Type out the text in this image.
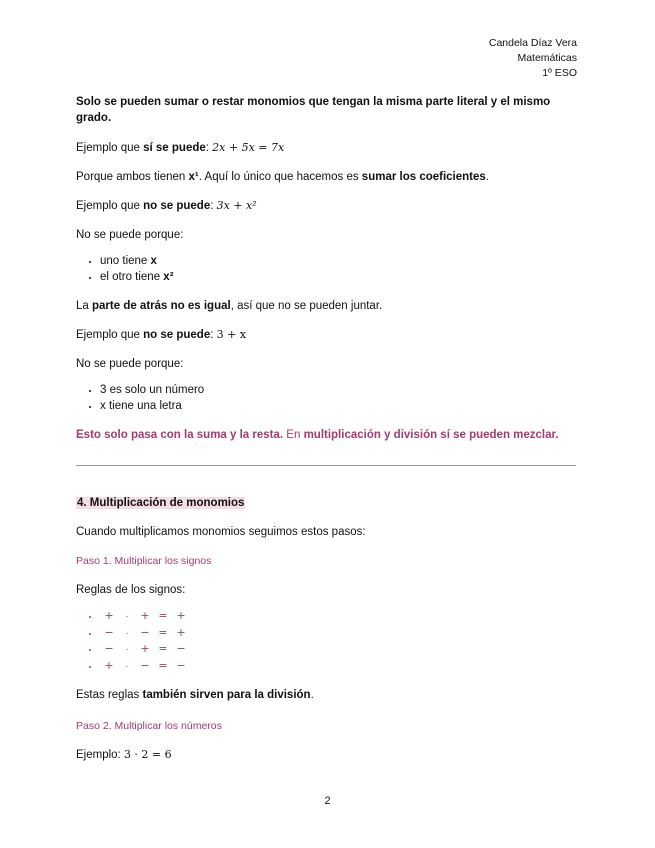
Candela Díaz Vera
Matemáticas
1º ESO

Solo se pueden sumar o restar monomios que tengan la misma parte literal y el mismo grado.

Ejemplo que sí se puede: 2x + 5x = 7x

Porque ambos tienen x¹. Aquí lo único que hacemos es sumar los coeficientes.

Ejemplo que no se puede: 3x + x²

No se puede porque:

• uno tiene x
• el otro tiene x²

La parte de atrás no es igual, así que no se pueden juntar.

Ejemplo que no se puede: 3 + x

No se puede porque:

• 3 es solo un número
• x tiene una letra

Esto solo pasa con la suma y la resta. En multiplicación y división sí se pueden mezclar.

4. Multiplicación de monomios

Cuando multiplicamos monomios seguimos estos pasos:

Paso 1. Multiplicar los signos

Reglas de los signos:

• + · + = +
• − · − = +
• − · + = −
• + · − = −

Estas reglas también sirven para la división.

Paso 2. Multiplicar los números

Ejemplo: 3 · 2 = 6

2
